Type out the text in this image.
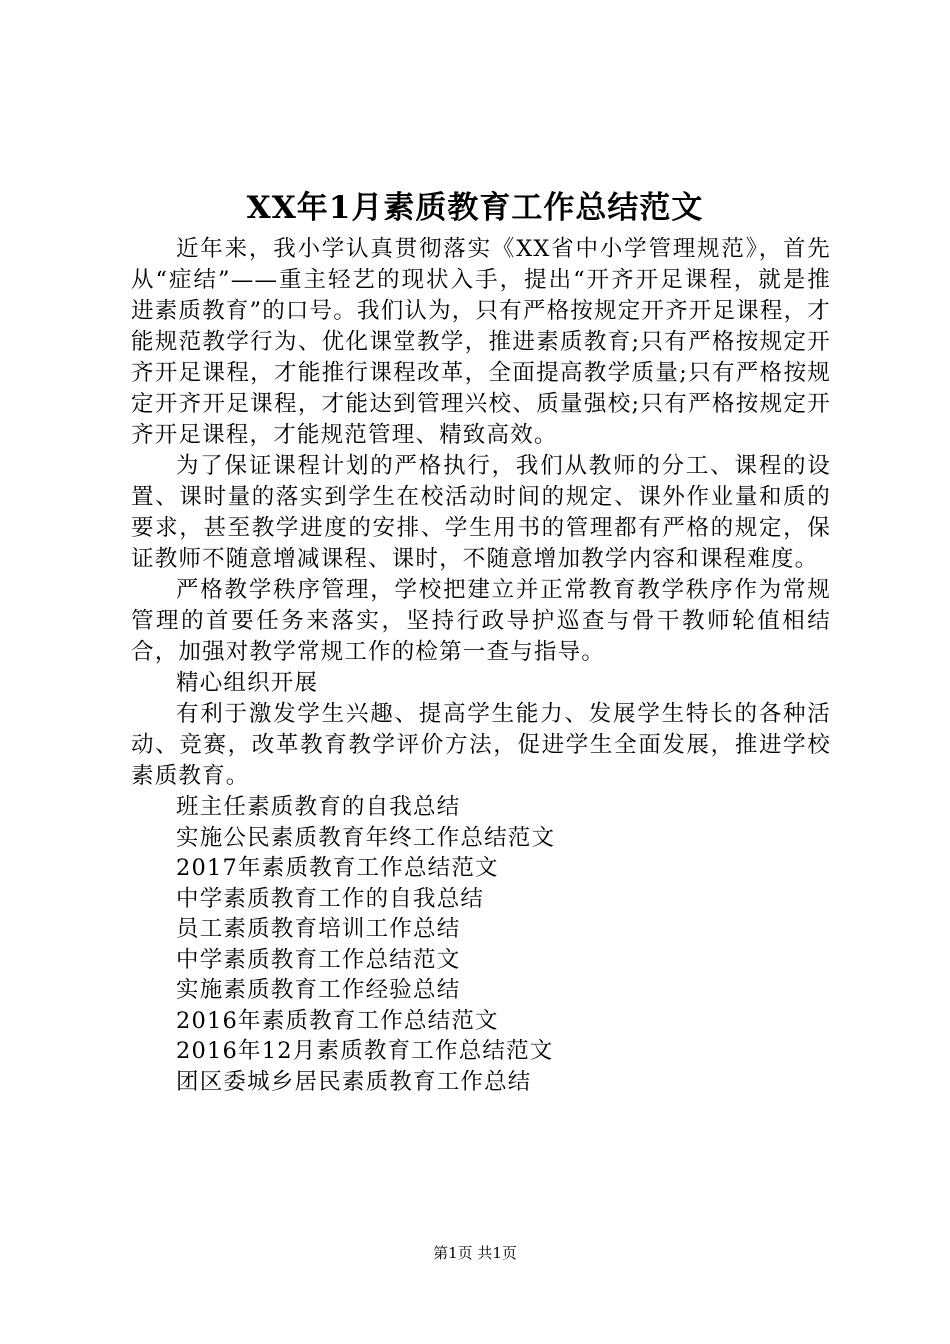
XX年1月素质教育工作总结范文

近年来，我小学认真贯彻落实《XX省中小学管理规范》，首先从“症结”——重主轻艺的现状入手，提出“开齐开足课程，就是推进素质教育”的口号。我们认为，只有严格按规定开齐开足课程，才能规范教学行为、优化课堂教学，推进素质教育;只有严格按规定开齐开足课程，才能推行课程改革，全面提高教学质量;只有严格按规定开齐开足课程，才能达到管理兴校、质量强校;只有严格按规定开齐开足课程，才能规范管理、精致高效。

为了保证课程计划的严格执行，我们从教师的分工、课程的设置、课时量的落实到学生在校活动时间的规定、课外作业量和质的要求，甚至教学进度的安排、学生用书的管理都有严格的规定，保证教师不随意增减课程、课时，不随意增加教学内容和课程难度。

严格教学秩序管理，学校把建立并正常教育教学秩序作为常规管理的首要任务来落实，坚持行政导护巡查与骨干教师轮值相结合，加强对教学常规工作的检第一查与指导。

精心组织开展

有利于激发学生兴趣、提高学生能力、发展学生特长的各种活动、竞赛，改革教育教学评价方法，促进学生全面发展，推进学校素质教育。

班主任素质教育的自我总结
实施公民素质教育年终工作总结范文
2017年素质教育工作总结范文
中学素质教育工作的自我总结
员工素质教育培训工作总结
中学素质教育工作总结范文
实施素质教育工作经验总结
2016年素质教育工作总结范文
2016年12月素质教育工作总结范文
团区委城乡居民素质教育工作总结
第1页 共1页
